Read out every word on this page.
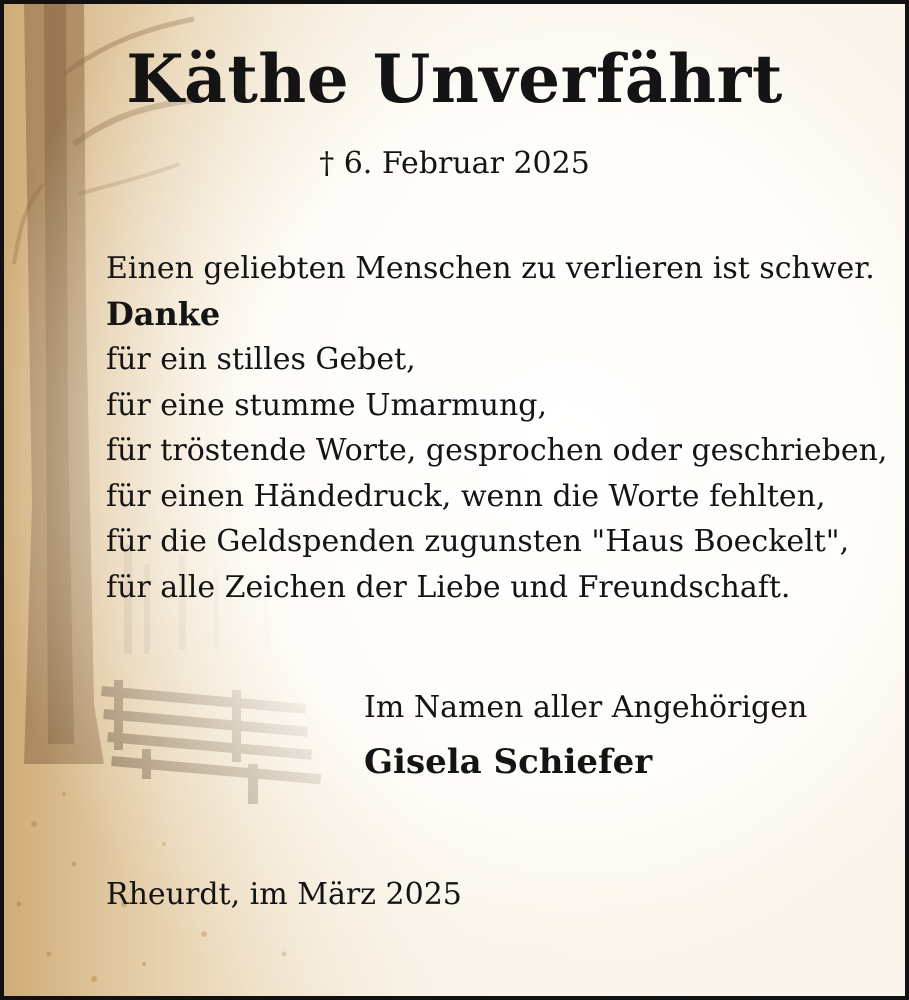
Käthe Unverfährt
† 6. Februar 2025
Einen geliebten Menschen zu verlieren ist schwer.
Danke
für ein stilles Gebet,
für eine stumme Umarmung,
für tröstende Worte, gesprochen oder geschrieben,
für einen Händedruck, wenn die Worte fehlten,
für die Geldspenden zugunsten "Haus Boeckelt",
für alle Zeichen der Liebe und Freundschaft.
Im Namen aller Angehörigen
Gisela Schiefer
Rheurdt, im März 2025
